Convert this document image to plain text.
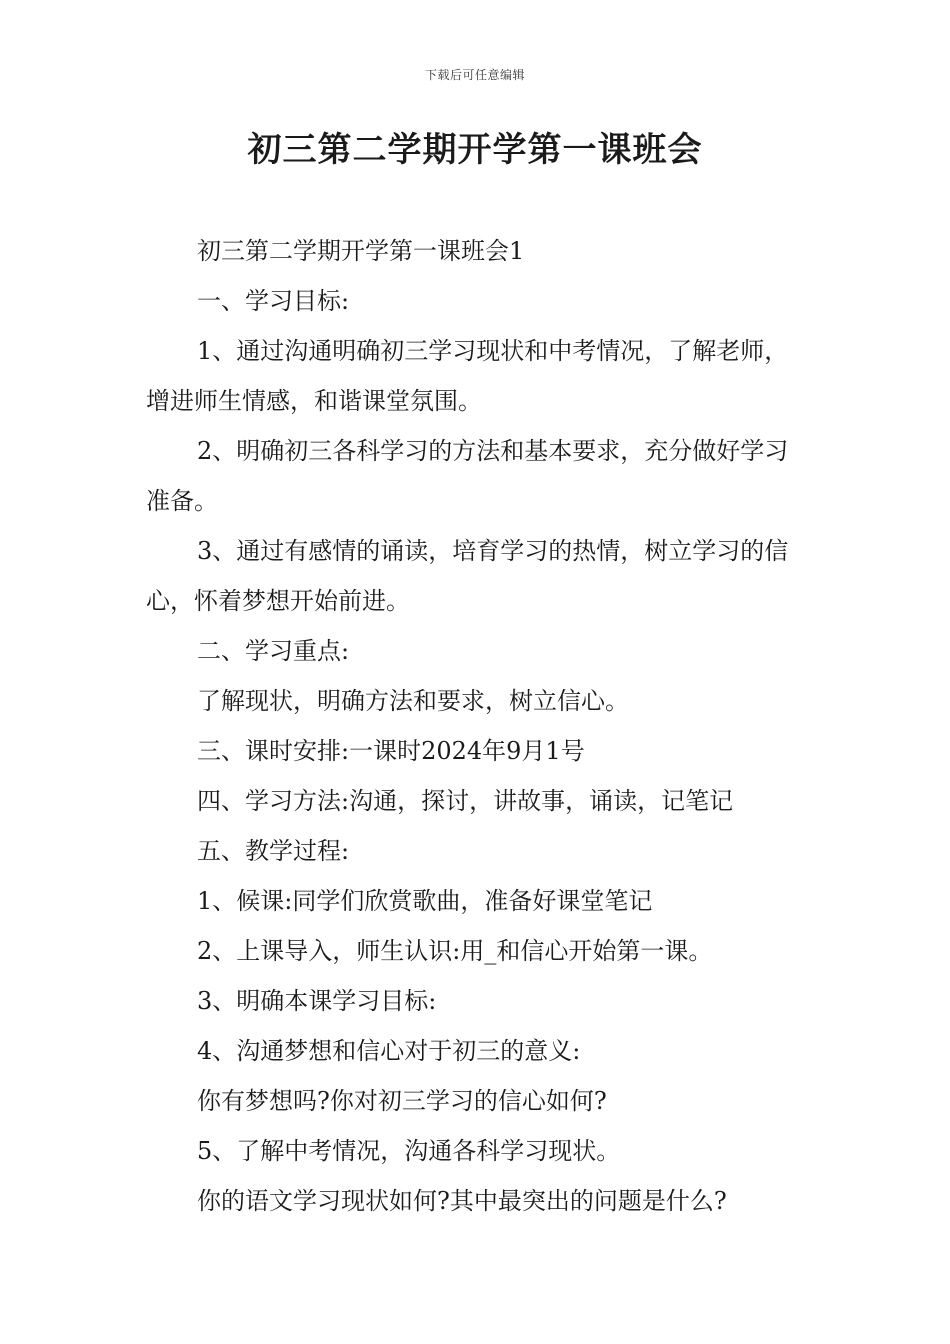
下载后可任意编辑
初三第二学期开学第一课班会

初三第二学期开学第一课班会1

一、学习目标:

1、通过沟通明确初三学习现状和中考情况，了解老师，增进师生情感，和谐课堂氛围。

2、明确初三各科学习的方法和基本要求，充分做好学习准备。

3、通过有感情的诵读，培育学习的热情，树立学习的信心，怀着梦想开始前进。

二、学习重点:

了解现状，明确方法和要求，树立信心。

三、课时安排:一课时2024年9月1号

四、学习方法:沟通，探讨，讲故事，诵读，记笔记

五、教学过程:

1、候课:同学们欣赏歌曲，准备好课堂笔记

2、上课导入，师生认识:用_和信心开始第一课。

3、明确本课学习目标:

4、沟通梦想和信心对于初三的意义:

你有梦想吗?你对初三学习的信心如何?

5、了解中考情况，沟通各科学习现状。

你的语文学习现状如何?其中最突出的问题是什么?
